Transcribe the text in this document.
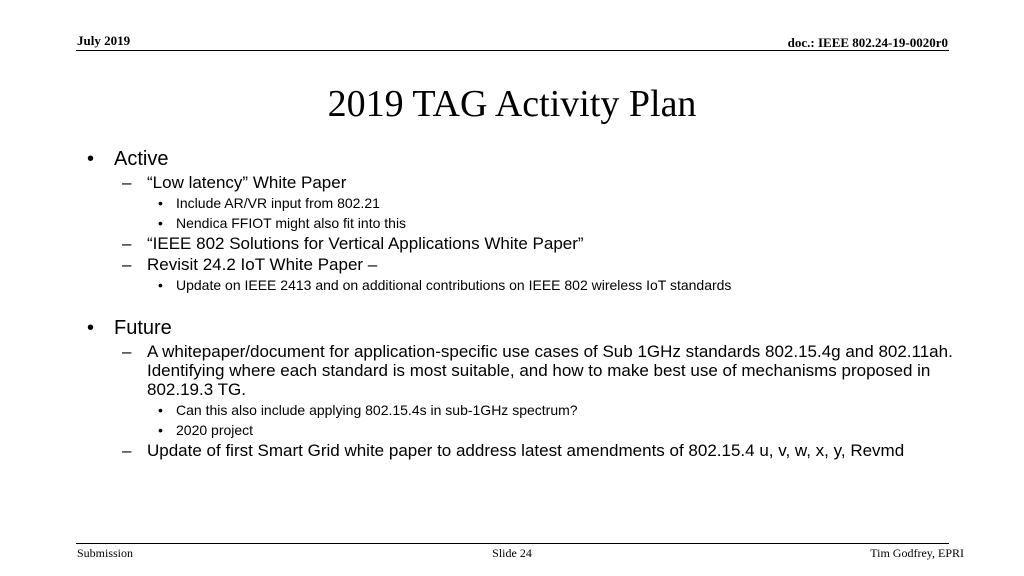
July 2019	doc.: IEEE 802.24-19-0020r0
2019 TAG Activity Plan
• Active
– “Low latency” White Paper
• Include AR/VR input from 802.21
• Nendica FFIOT might also fit into this
– “IEEE 802 Solutions for Vertical Applications White Paper”
– Revisit 24.2 IoT White Paper –
• Update on IEEE 2413 and on additional contributions on IEEE 802 wireless IoT standards
• Future
– A whitepaper/document for application-specific use cases of Sub 1GHz standards 802.15.4g and 802.11ah. Identifying where each standard is most suitable, and how to make best use of mechanisms proposed in 802.19.3 TG.
• Can this also include applying 802.15.4s in sub-1GHz spectrum?
• 2020 project
– Update of first Smart Grid white paper to address latest amendments of 802.15.4 u, v, w, x, y, Revmd
Submission	Slide 24	Tim Godfrey, EPRI
